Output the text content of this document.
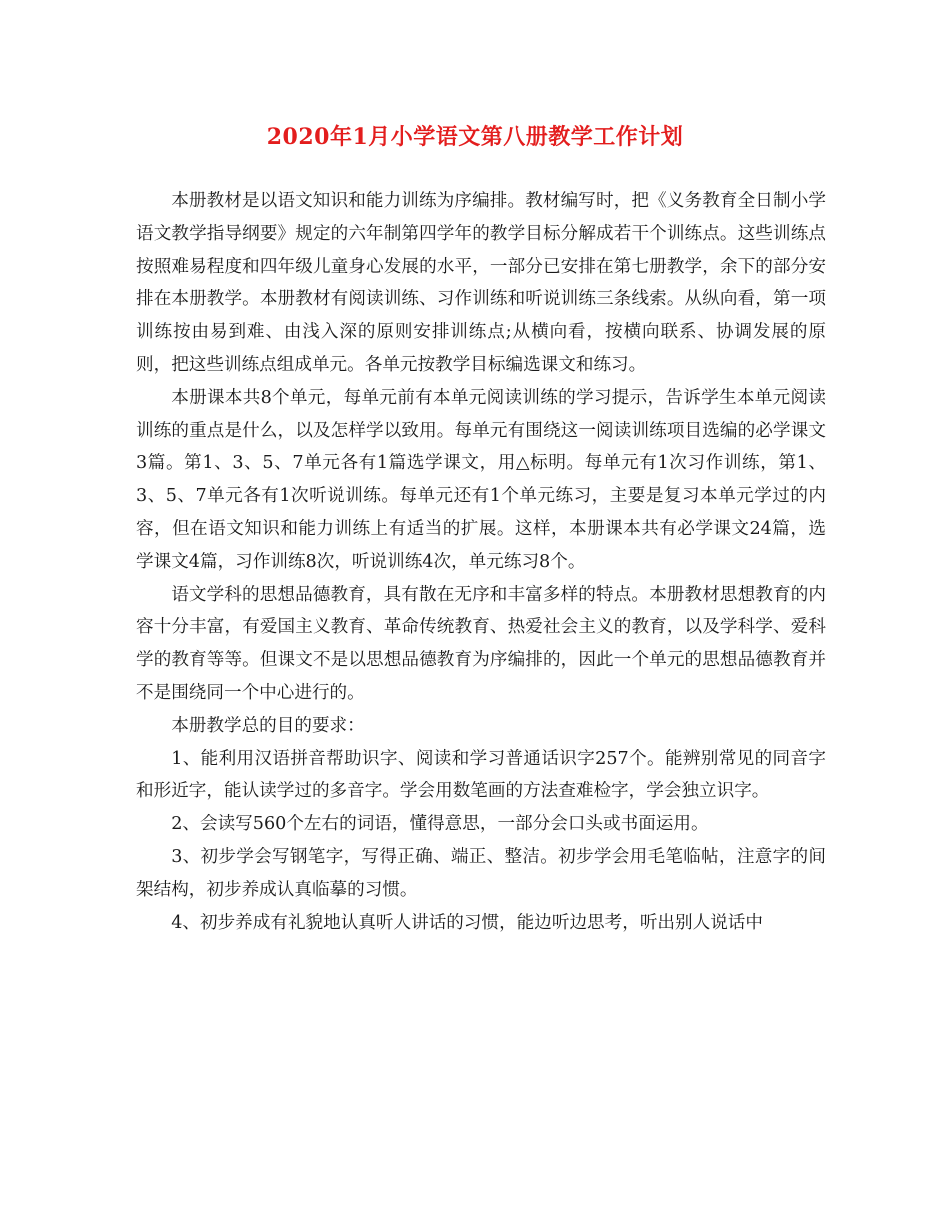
2020年1月小学语文第八册教学工作计划

本册教材是以语文知识和能力训练为序编排。教材编写时，把《义务教育全日制小学语文教学指导纲要》规定的六年制第四学年的教学目标分解成若干个训练点。这些训练点按照难易程度和四年级儿童身心发展的水平，一部分已安排在第七册教学，余下的部分安排在本册教学。本册教材有阅读训练、习作训练和听说训练三条线索。从纵向看，第一项训练按由易到难、由浅入深的原则安排训练点;从横向看，按横向联系、协调发展的原则，把这些训练点组成单元。各单元按教学目标编选课文和练习。

本册课本共8个单元，每单元前有本单元阅读训练的学习提示，告诉学生本单元阅读训练的重点是什么，以及怎样学以致用。每单元有围绕这一阅读训练项目选编的必学课文3篇。第1、3、5、7单元各有1篇选学课文，用△标明。每单元有1次习作训练，第1、3、5、7单元各有1次听说训练。每单元还有1个单元练习，主要是复习本单元学过的内容，但在语文知识和能力训练上有适当的扩展。这样，本册课本共有必学课文24篇，选学课文4篇，习作训练8次，听说训练4次，单元练习8个。

语文学科的思想品德教育，具有散在无序和丰富多样的特点。本册教材思想教育的内容十分丰富，有爱国主义教育、革命传统教育、热爱社会主义的教育，以及学科学、爱科学的教育等等。但课文不是以思想品德教育为序编排的，因此一个单元的思想品德教育并不是围绕同一个中心进行的。

本册教学总的目的要求：

1、能利用汉语拼音帮助识字、阅读和学习普通话识字257个。能辨别常见的同音字和形近字，能认读学过的多音字。学会用数笔画的方法查难检字，学会独立识字。

2、会读写560个左右的词语，懂得意思，一部分会口头或书面运用。

3、初步学会写钢笔字，写得正确、端正、整洁。初步学会用毛笔临帖，注意字的间架结构，初步养成认真临摹的习惯。

4、初步养成有礼貌地认真听人讲话的习惯，能边听边思考，听出别人说话中
